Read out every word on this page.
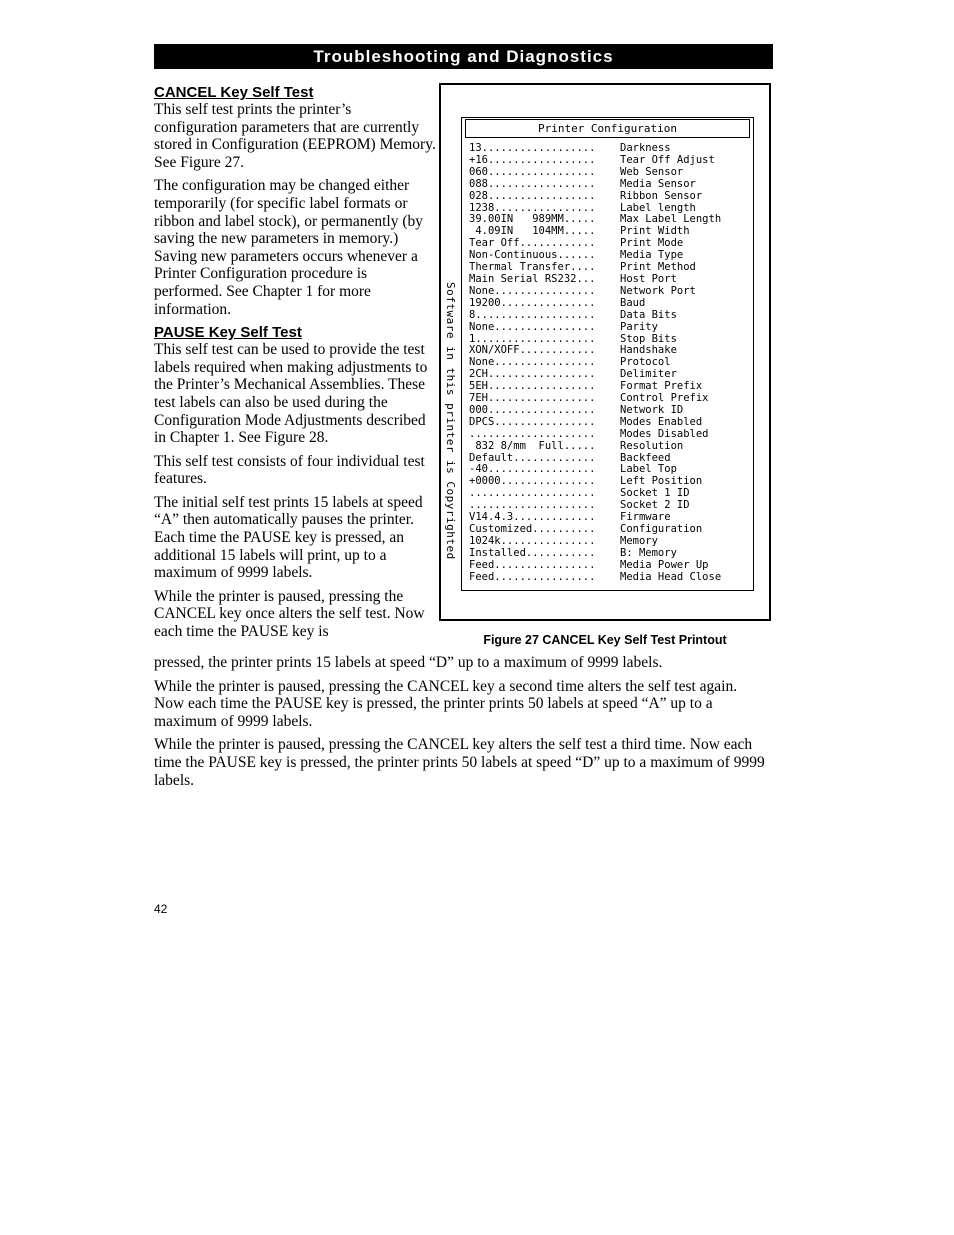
Troubleshooting and Diagnostics
CANCEL Key Self Test

This self test prints the printer’s configuration parameters that are currently stored in Configuration (EEPROM) Memory. See Figure 27.

The configuration may be changed either temporarily (for specific label formats or ribbon and label stock), or permanently (by saving the new parameters in memory.) Saving new parameters occurs whenever a Printer Configuration procedure is performed. See Chapter 1 for more information.

PAUSE Key Self Test

This self test can be used to provide the test labels required when making adjustments to the Printer’s Mechanical Assemblies. These test labels can also be used during the Configuration Mode Adjustments described in Chapter 1. See Figure 28.

This self test consists of four individual test features.

The initial self test prints 15 labels at speed “A” then automatically pauses the printer. Each time the PAUSE key is pressed, an additional 15 labels will print, up to a maximum of 9999 labels.

While the printer is paused, pressing the CANCEL key once alters the self test. Now each time the PAUSE key is

pressed, the printer prints 15 labels at speed “D” up to a maximum of 9999 labels.

While the printer is paused, pressing the CANCEL key a second time alters the self test again. Now each time the PAUSE key is pressed, the printer prints 50 labels at speed “A” up to a maximum of 9999 labels.

While the printer is paused, pressing the CANCEL key alters the self test a third time. Now each time the PAUSE key is pressed, the printer prints 50 labels at speed “D” up to a maximum of 9999 labels.

Software in this printer is Copyrighted
Printer Configuration
13..................	Darkness
+16.................	Tear Off Adjust
060.................	Web Sensor
088.................	Media Sensor
028.................	Ribbon Sensor
1238................	Label length
39.00IN   989MM.....	Max Label Length
4.09IN   104MM.....	Print Width
Tear Off............	Print Mode
Non-Continuous......	Media Type
Thermal Transfer....	Print Method
Main Serial RS232...	Host Port
None................	Network Port
19200...............	Baud
8...................	Data Bits
None................	Parity
1...................	Stop Bits
XON/XOFF............	Handshake
None................	Protocol
2CH.................	Delimiter
5EH.................	Format Prefix
7EH.................	Control Prefix
000.................	Network ID
DPCS................	Modes Enabled
....................	Modes Disabled
832 8/mm  Full.....	Resolution
Default.............	Backfeed
-40.................	Label Top
+0000...............	Left Position
....................	Socket 1 ID
....................	Socket 2 ID
V14.4.3.............	Firmware
Customized..........	Configuration
1024k...............	Memory
Installed...........	B: Memory
Feed................	Media Power Up
Feed................	Media Head Close
Figure 27 CANCEL Key Self Test Printout
42
